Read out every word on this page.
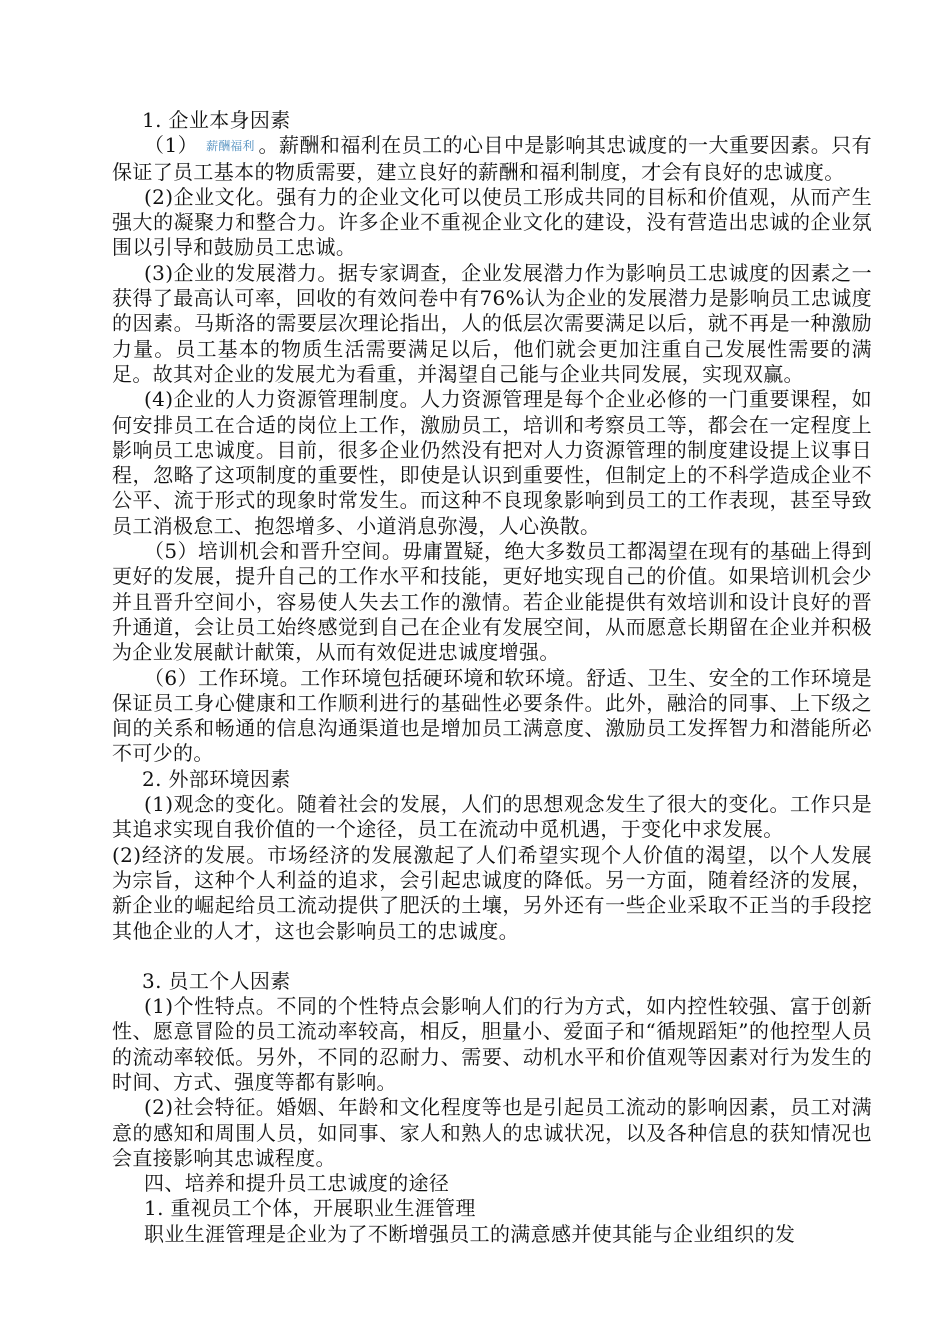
1. 企业本身因素

（1） 薪酬福利 。薪酬和福利在员工的心目中是影响其忠诚度的一大重要因素。只有保证了员工基本的物质需要，建立良好的薪酬和福利制度，才会有良好的忠诚度。

(2)企业文化。强有力的企业文化可以使员工形成共同的目标和价值观，从而产生强大的凝聚力和整合力。许多企业不重视企业文化的建设，没有营造出忠诚的企业氛围以引导和鼓励员工忠诚。

(3)企业的发展潜力。据专家调查，企业发展潜力作为影响员工忠诚度的因素之一获得了最高认可率，回收的有效问卷中有76%认为企业的发展潜力是影响员工忠诚度的因素。马斯洛的需要层次理论指出，人的低层次需要满足以后，就不再是一种激励力量。员工基本的物质生活需要满足以后，他们就会更加注重自己发展性需要的满足。故其对企业的发展尤为看重，并渴望自己能与企业共同发展，实现双赢。

(4)企业的人力资源管理制度。人力资源管理是每个企业必修的一门重要课程，如何安排员工在合适的岗位上工作，激励员工，培训和考察员工等，都会在一定程度上影响员工忠诚度。目前，很多企业仍然没有把对人力资源管理的制度建设提上议事日程，忽略了这项制度的重要性，即使是认识到重要性，但制定上的不科学造成企业不公平、流于形式的现象时常发生。而这种不良现象影响到员工的工作表现，甚至导致员工消极怠工、抱怨增多、小道消息弥漫，人心涣散。

（5）培训机会和晋升空间。毋庸置疑，绝大多数员工都渴望在现有的基础上得到更好的发展，提升自己的工作水平和技能，更好地实现自己的价值。如果培训机会少并且晋升空间小，容易使人失去工作的激情。若企业能提供有效培训和设计良好的晋升通道，会让员工始终感觉到自己在企业有发展空间，从而愿意长期留在企业并积极为企业发展献计献策，从而有效促进忠诚度增强。

（6）工作环境。工作环境包括硬环境和软环境。舒适、卫生、安全的工作环境是保证员工身心健康和工作顺利进行的基础性必要条件。此外，融洽的同事、上下级之间的关系和畅通的信息沟通渠道也是增加员工满意度、激励员工发挥智力和潜能所必不可少的。

2. 外部环境因素

(1)观念的变化。随着社会的发展，人们的思想观念发生了很大的变化。工作只是其追求实现自我价值的一个途径，员工在流动中觅机遇，于变化中求发展。

(2)经济的发展。市场经济的发展激起了人们希望实现个人价值的渴望，以个人发展为宗旨，这种个人利益的追求，会引起忠诚度的降低。另一方面，随着经济的发展，新企业的崛起给员工流动提供了肥沃的土壤，另外还有一些企业采取不正当的手段挖其他企业的人才，这也会影响员工的忠诚度。

3. 员工个人因素

(1)个性特点。不同的个性特点会影响人们的行为方式，如内控性较强、富于创新性、愿意冒险的员工流动率较高，相反，胆量小、爱面子和“循规蹈矩”的他控型人员的流动率较低。另外，不同的忍耐力、需要、动机水平和价值观等因素对行为发生的时间、方式、强度等都有影响。

(2)社会特征。婚姻、年龄和文化程度等也是引起员工流动的影响因素，员工对满意的感知和周围人员，如同事、家人和熟人的忠诚状况，以及各种信息的获知情况也会直接影响其忠诚程度。

四、培养和提升员工忠诚度的途径

1. 重视员工个体，开展职业生涯管理

职业生涯管理是企业为了不断增强员工的满意感并使其能与企业组织的发
